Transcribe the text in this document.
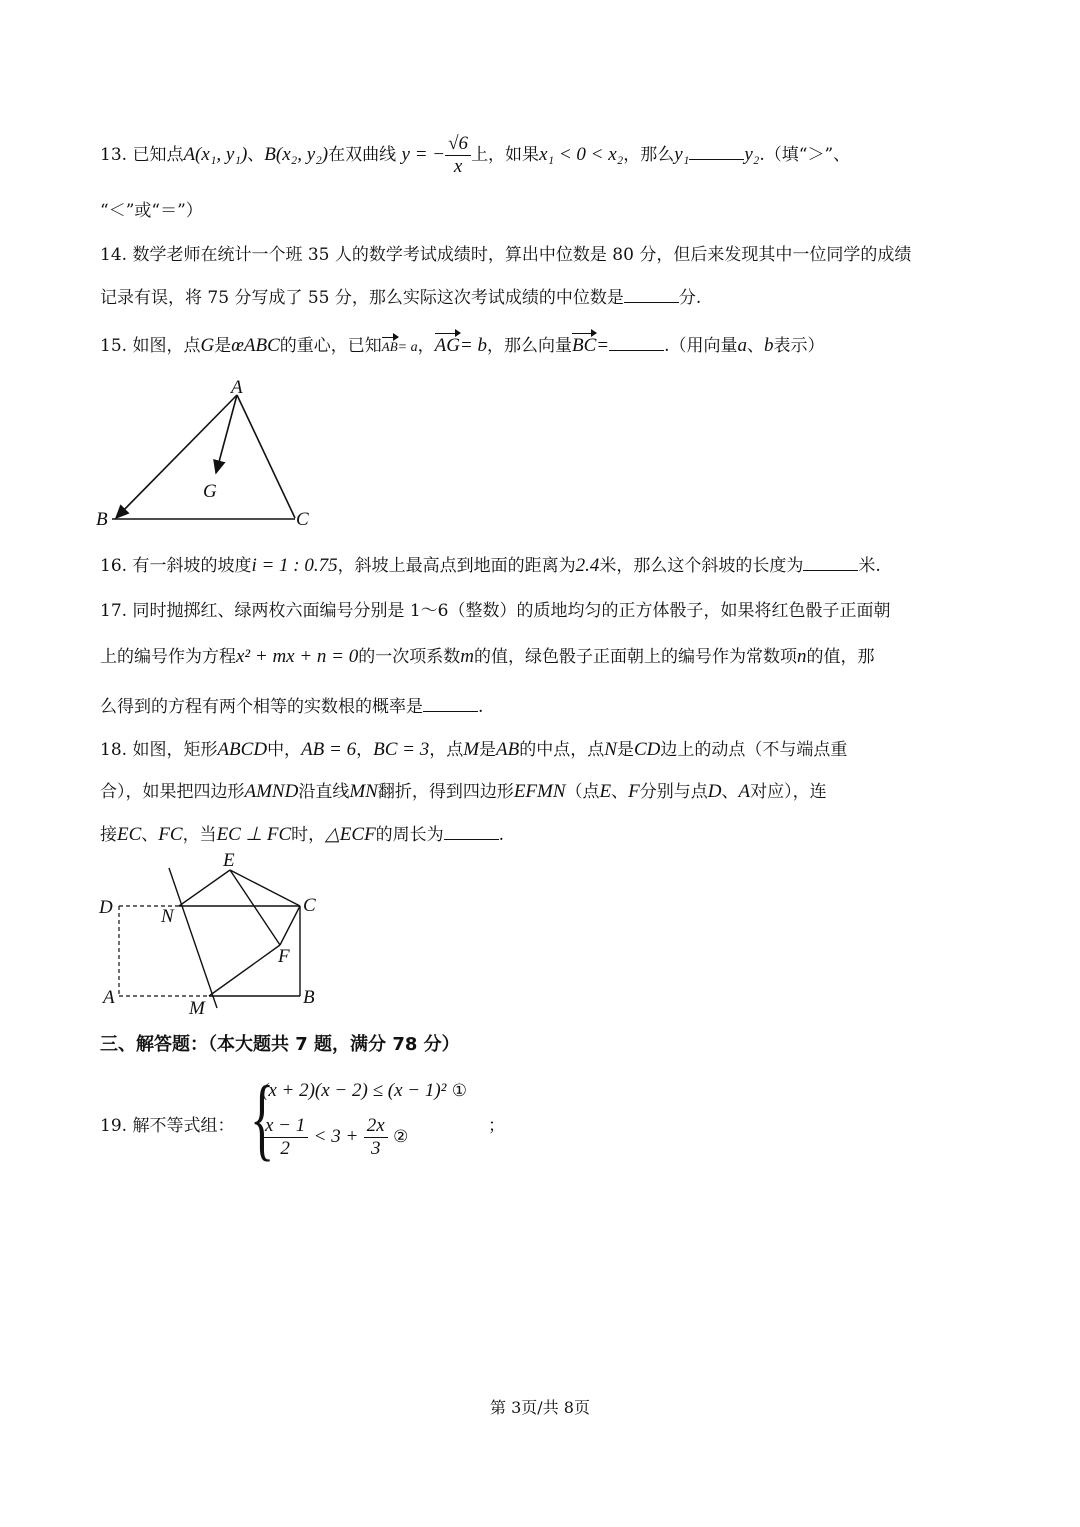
13. 已知点A(x₁, y₁)、B(x₂, y₂)在双曲线 y = − $\frac{√6}{x}$ 上，如果x₁ < 0 < x₂，那么y₁	y₂.（填“＞”、
“＜”或“＝”）
14. 数学老师在统计一个班 35 人的数学考试成绩时，算出中位数是 80 分，但后来发现其中一位同学的成绩
记录有误，将 75 分写成了 55 分，那么实际这次考试成绩的中位数是	分.
15. 如图，点G是œABC的重心，已知AB= a，AG= b，那么向量BC=	.（用向量a、b表示）
A
G
B	C
16. 有一斜坡的坡度i = 1 : 0.75，斜坡上最高点到地面的距离为2.4米，那么这个斜坡的长度为	米.
17. 同时抛掷红、绿两枚六面编号分别是 1～6（整数）的质地均匀的正方体骰子，如果将红色骰子正面朝
上的编号作为方程x² + mx + n = 0的一次项系数m的值，绿色骰子正面朝上的编号作为常数项n的值，那
么得到的方程有两个相等的实数根的概率是	.
18. 如图，矩形ABCD中，AB = 6，BC = 3，点M是AB的中点，点N是CD边上的动点（不与端点重
合），如果把四边形AMND沿直线MN翻折，得到四边形EFMN（点E、F分别与点D、A对应），连
接EC、FC，当EC ⊥ FC时，△ECF的周长为	.
E
D	N
C
F
A
M
B
三、解答题：（本大题共 7 题，满分 78 分）
19. 解不等式组： {
(x + 2)(x − 2) ≤ (x − 1)² ①
$\frac{x - 1}{2} < 3 + \frac{2x}{3}$ ②
；
第 3页/共 8页
